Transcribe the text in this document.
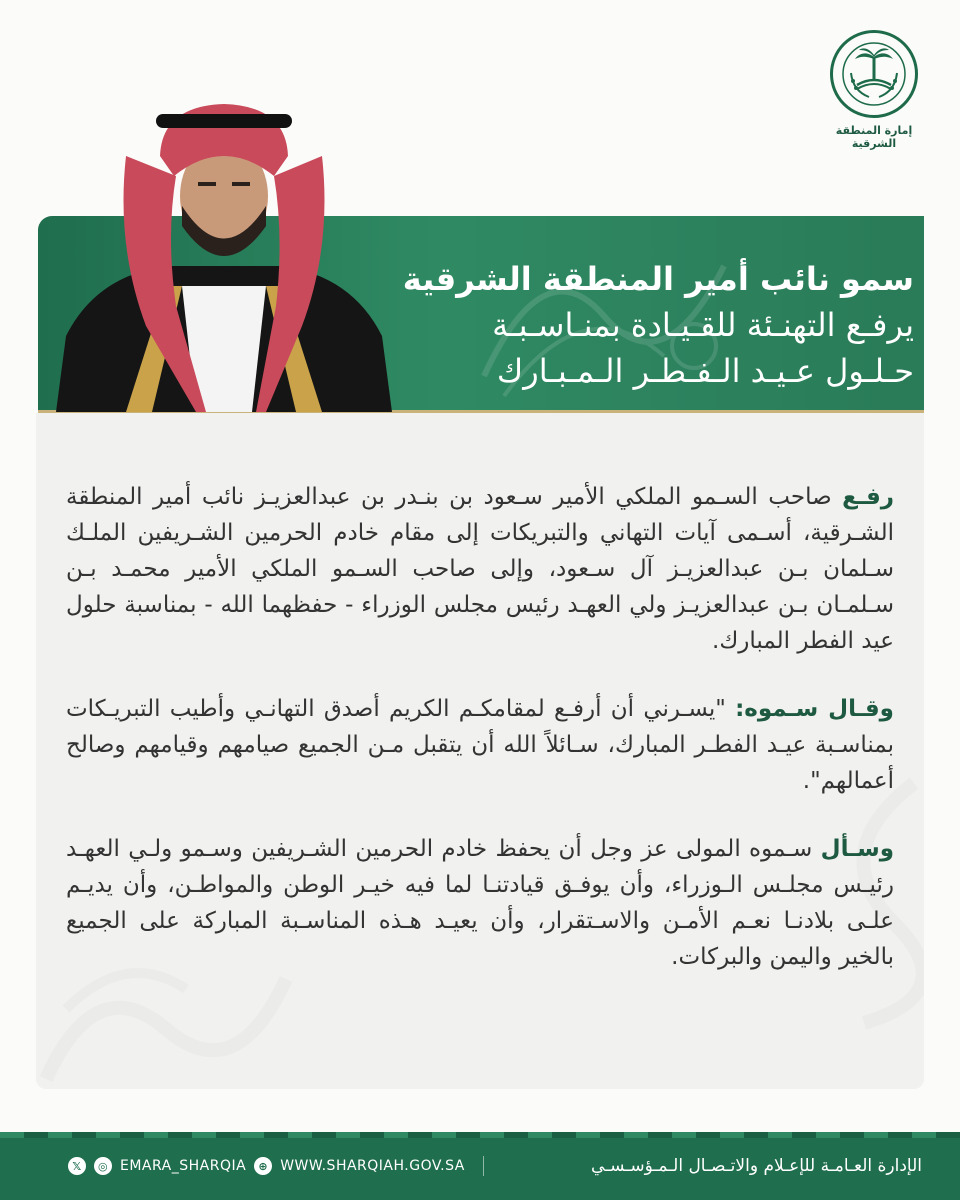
إمارة المنطقة الشرقية
سمو نائب أمير المنطقة الشرقية
يرفـع التهنـئة للقـيـادة بمنـاسـبـة
حـلـول عـيـد الـفـطـر الـمـبـارك

رفـع صاحب السـمو الملكي الأمير سـعود بن بنـدر بن عبدالعزيـز نائب أمير المنطقة الشـرقية، أسـمى آيات التهاني والتبريكات إلى مقام خادم الحرمين الشـريفين الملـك سـلمان بـن عبدالعزيـز آل سـعود، وإلى صاحب السـمو الملكي الأمير محمـد بـن سـلمـان بـن عبدالعزيـز ولي العهـد رئيس مجلس الوزراء - حفظهما الله - بمناسبة حلول عيد الفطر المبارك.

وقـال سـموه: "يسـرني أن أرفـع لمقامكـم الكريم أصدق التهانـي وأطيب التبريـكات بمناسـبة عيـد الفطـر المبارك، سـائلاً الله أن يتقبل مـن الجميع صيامهم وقيامهم وصالح أعمالهم".

وسـأل سـموه المولى عز وجل أن يحفظ خادم الحرمين الشـريفين وسـمو ولـي العهـد رئيـس مجلـس الـوزراء، وأن يوفـق قيادتنـا لما فيه خيـر الوطن والمواطـن، وأن يديـم علـى بلادنـا نعـم الأمـن والاسـتقرار، وأن يعيـد هـذه المناسـبة المباركة على الجميع بالخير واليمن والبركات.

𝕏	◎ EMARA_SHARQIA	⊕ WWW.SHARQIAH.GOV.SA	الإدارة العـامـة للإعـلام والاتـصـال الـمـؤسـسـي
